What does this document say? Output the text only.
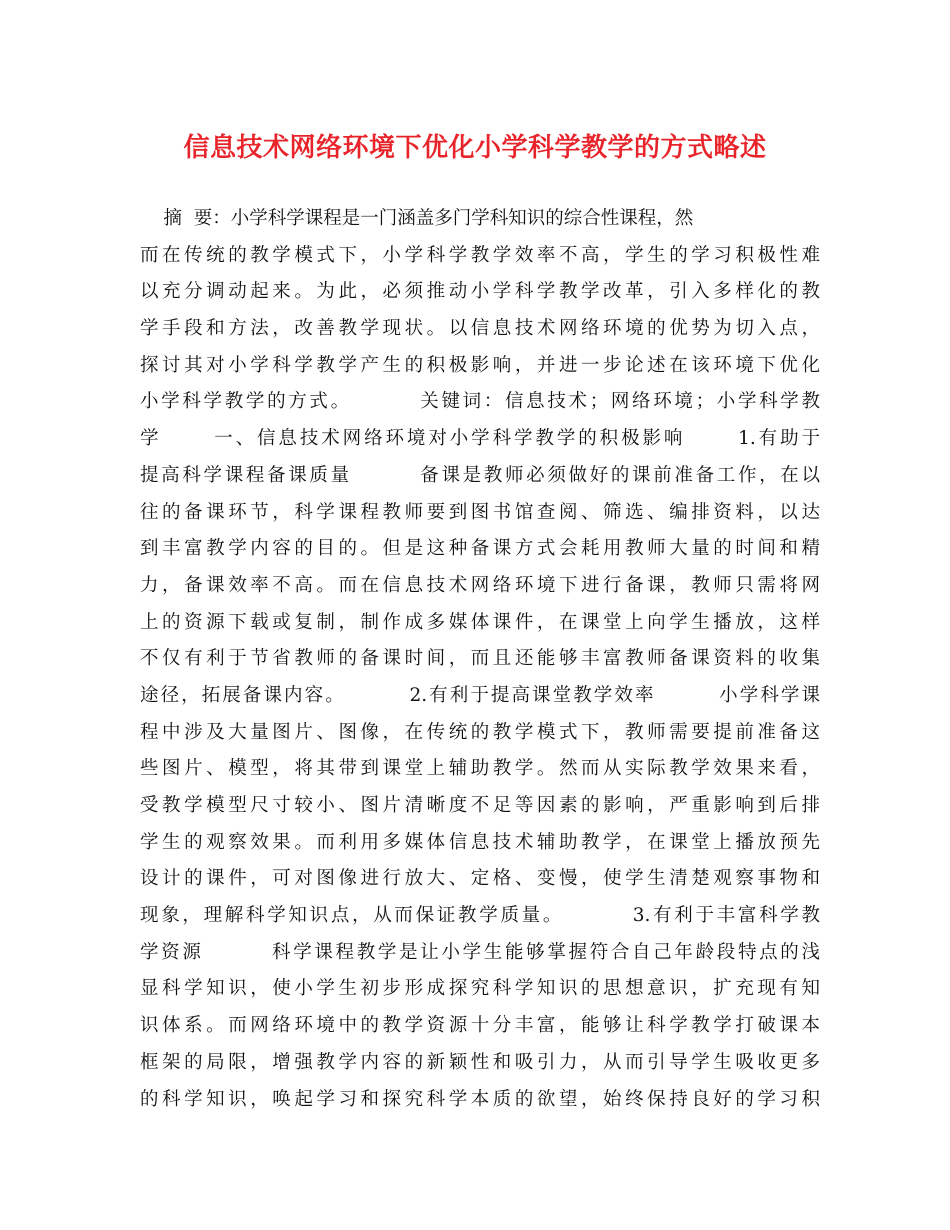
信息技术网络环境下优化小学科学教学的方式略述
摘  要：小学科学课程是一门涵盖多门学科知识的综合性课程，然
而在传统的教学模式下，小学科学教学效率不高，学生的学习积极性难
以充分调动起来。为此，必须推动小学科学教学改革，引入多样化的教
学手段和方法，改善教学现状。以信息技术网络环境的优势为切入点，
探讨其对小学科学教学产生的积极影响，并进一步论述在该环境下优化
小学科学教学的方式。        关键词：信息技术；网络环境；小学科学教
学      一、信息技术网络环境对小学科学教学的积极影响      1.有助于
提高科学课程备课质量        备课是教师必须做好的课前准备工作，在以
往的备课环节，科学课程教师要到图书馆查阅、筛选、编排资料，以达
到丰富教学内容的目的。但是这种备课方式会耗用教师大量的时间和精
力，备课效率不高。而在信息技术网络环境下进行备课，教师只需将网
上的资源下载或复制，制作成多媒体课件，在课堂上向学生播放，这样
不仅有利于节省教师的备课时间，而且还能够丰富教师备课资料的收集
途径，拓展备课内容。        2.有利于提高课堂教学效率        小学科学课
程中涉及大量图片、图像，在传统的教学模式下，教师需要提前准备这
些图片、模型，将其带到课堂上辅助教学。然而从实际教学效果来看，
受教学模型尺寸较小、图片清晰度不足等因素的影响，严重影响到后排
学生的观察效果。而利用多媒体信息技术辅助教学，在课堂上播放预先
设计的课件，可对图像进行放大、定格、变慢，使学生清楚观察事物和
现象，理解科学知识点，从而保证教学质量。        3.有利于丰富科学教
学资源        科学课程教学是让小学生能够掌握符合自己年龄段特点的浅
显科学知识，使小学生初步形成探究科学知识的思想意识，扩充现有知
识体系。而网络环境中的教学资源十分丰富，能够让科学教学打破课本
框架的局限，增强教学内容的新颖性和吸引力，从而引导学生吸收更多
的科学知识，唤起学习和探究科学本质的欲望，始终保持良好的学习积
